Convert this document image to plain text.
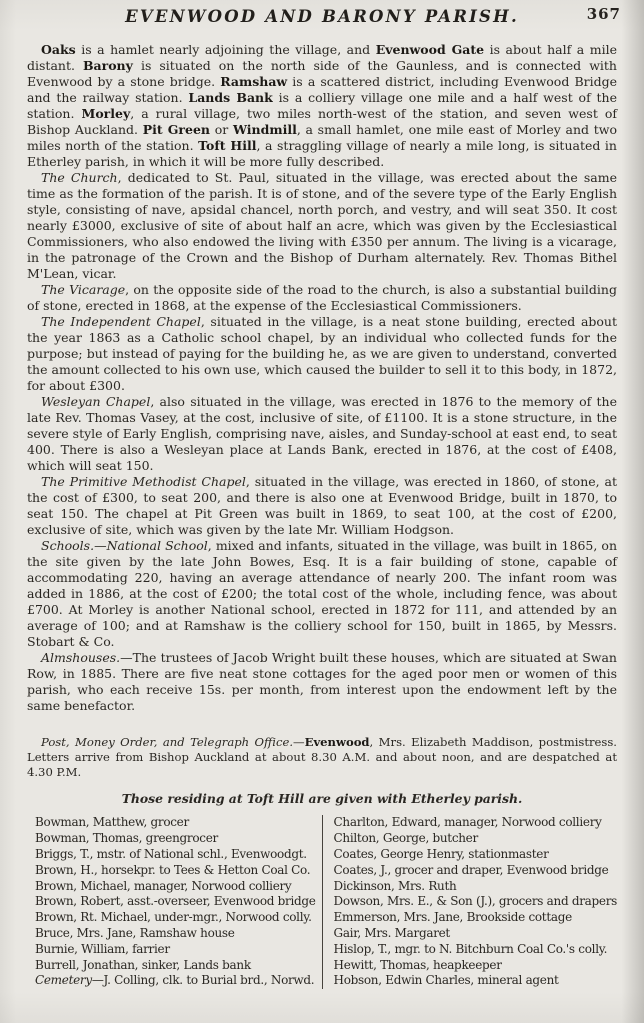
EVENWOOD AND BARONY PARISH.	367

Oaks is a hamlet nearly adjoining the village, and Evenwood Gate is about half a mile distant. Barony is situated on the north side of the Gaunless, and is connected with Evenwood by a stone bridge. Ramshaw is a scattered district, including Evenwood Bridge and the railway station. Lands Bank is a colliery village one mile and a half west of the station. Morley, a rural village, two miles north-west of the station, and seven west of Bishop Auckland. Pit Green or Windmill, a small hamlet, one mile east of Morley and two miles north of the station. Toft Hill, a straggling village of nearly a mile long, is situated in Etherley parish, in which it will be more fully described.

The Church, dedicated to St. Paul, situated in the village, was erected about the same time as the formation of the parish. It is of stone, and of the severe type of the Early English style, consisting of nave, apsidal chancel, north porch, and vestry, and will seat 350. It cost nearly £3000, exclusive of site of about half an acre, which was given by the Ecclesiastical Commissioners, who also endowed the living with £350 per annum. The living is a vicarage, in the patronage of the Crown and the Bishop of Durham alternately. Rev. Thomas Bithel M'Lean, vicar.

The Vicarage, on the opposite side of the road to the church, is also a substantial building of stone, erected in 1868, at the expense of the Ecclesiastical Commissioners.

The Independent Chapel, situated in the village, is a neat stone building, erected about the year 1863 as a Catholic school chapel, by an individual who collected funds for the purpose; but instead of paying for the building he, as we are given to understand, converted the amount collected to his own use, which caused the builder to sell it to this body, in 1872, for about £300.

Wesleyan Chapel, also situated in the village, was erected in 1876 to the memory of the late Rev. Thomas Vasey, at the cost, inclusive of site, of £1100. It is a stone structure, in the severe style of Early English, comprising nave, aisles, and Sunday-school at east end, to seat 400. There is also a Wesleyan place at Lands Bank, erected in 1876, at the cost of £408, which will seat 150.

The Primitive Methodist Chapel, situated in the village, was erected in 1860, of stone, at the cost of £300, to seat 200, and there is also one at Evenwood Bridge, built in 1870, to seat 150. The chapel at Pit Green was built in 1869, to seat 100, at the cost of £200, exclusive of site, which was given by the late Mr. William Hodgson.

Schools.—National School, mixed and infants, situated in the village, was built in 1865, on the site given by the late John Bowes, Esq. It is a fair building of stone, capable of accommodating 220, having an average attendance of nearly 200. The infant room was added in 1886, at the cost of £200; the total cost of the whole, including fence, was about £700. At Morley is another National school, erected in 1872 for 111, and attended by an average of 100; and at Ramshaw is the colliery school for 150, built in 1865, by Messrs. Stobart & Co.

Almshouses.—The trustees of Jacob Wright built these houses, which are situated at Swan Row, in 1885. There are five neat stone cottages for the aged poor men or women of this parish, who each receive 15s. per month, from interest upon the endowment left by the same benefactor.

Post, Money Order, and Telegraph Office.—Evenwood, Mrs. Elizabeth Maddison, postmistress. Letters arrive from Bishop Auckland at about 8.30 A.M. and about noon, and are despatched at 4.30 P.M.

Those residing at Toft Hill are given with Etherley parish.
Bowman, Matthew, grocer
Bowman, Thomas, greengrocer
Briggs, T., mstr. of National schl., Evenwoodgt.
Brown, H., horsekpr. to Tees & Hetton Coal Co.
Brown, Michael, manager, Norwood colliery
Brown, Robert, asst.-overseer, Evenwood bridge
Brown, Rt. Michael, under-mgr., Norwood colly.
Bruce, Mrs. Jane, Ramshaw house
Burnie, William, farrier
Burrell, Jonathan, sinker, Lands bank
Cemetery—J. Colling, clk. to Burial brd., Norwd.
Charlton, Edward, manager, Norwood colliery
Chilton, George, butcher
Coates, George Henry, stationmaster
Coates, J., grocer and draper, Evenwood bridge
Dickinson, Mrs. Ruth
Dowson, Mrs. E., & Son (J.), grocers and drapers
Emmerson, Mrs. Jane, Brookside cottage
Gair, Mrs. Margaret
Hislop, T., mgr. to N. Bitchburn Coal Co.'s colly.
Hewitt, Thomas, heapkeeper
Hobson, Edwin Charles, mineral agent
